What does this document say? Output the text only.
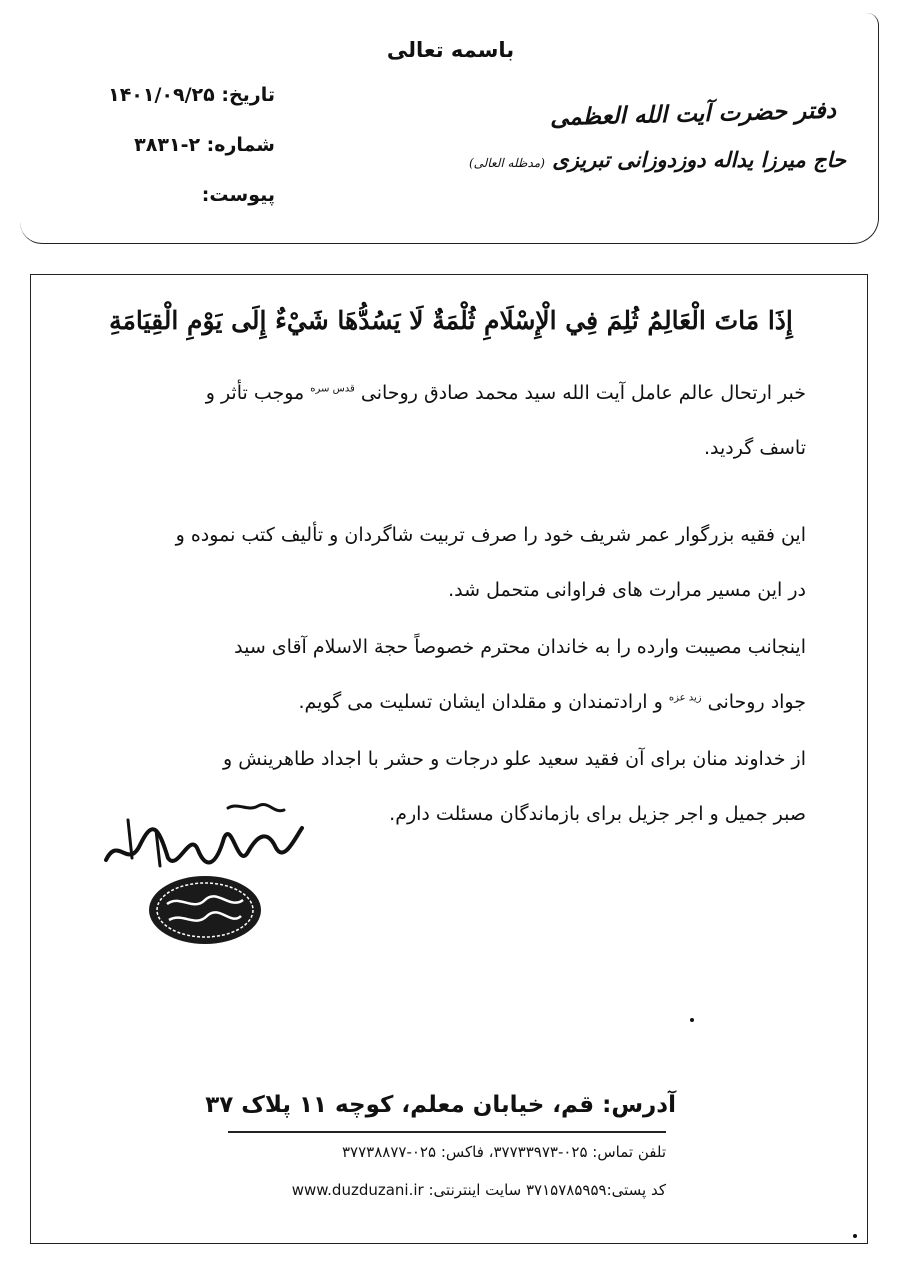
باسمه تعالی
تاریخ: ۱۴۰۱/۰۹/۲۵
شماره: ۲-۳۸۳۱
پیوست:
دفتر حضرت آیت الله العظمی
حاج میرزا یداله دوزدوزانی تبریزی (مدظله العالی)
إِذَا مَاتَ الْعَالِمُ ثُلِمَ فِي الْإِسْلَامِ ثُلْمَةٌ لَا يَسُدُّهَا شَيْءٌ إِلَى يَوْمِ الْقِيَامَةِ
خبر ارتحال عالم عامل آیت الله سید محمد صادق روحانی $^{قدس سره}$ موجب تأثر و
تاسف گردید.
این فقیه بزرگوار عمر شریف خود را صرف تربیت شاگردان و تألیف کتب نموده و
در این مسیر مرارت های فراوانی متحمل شد.
اینجانب مصیبت وارده را به خاندان محترم خصوصاً حجة الاسلام آقای سید
جواد روحانی $^{زید عزه}$ و ارادتمندان و مقلدان ایشان تسلیت می گویم.
از خداوند منان برای آن فقید سعید علو درجات و حشر با اجداد طاهرینش و
صبر جمیل و اجر جزیل برای بازماندگان مسئلت دارم.
آدرس: قم، خیابان معلم، کوچه ۱۱ پلاک ۳۷
تلفن تماس: ۰۲۵-۳۷۷۳۳۹۷۳، فاکس: ۰۲۵-۳۷۷۳۸۸۷۷
کد پستی:۳۷۱۵۷۸۵۹۵۹ سایت اینترنتی: www.duzduzani.ir
